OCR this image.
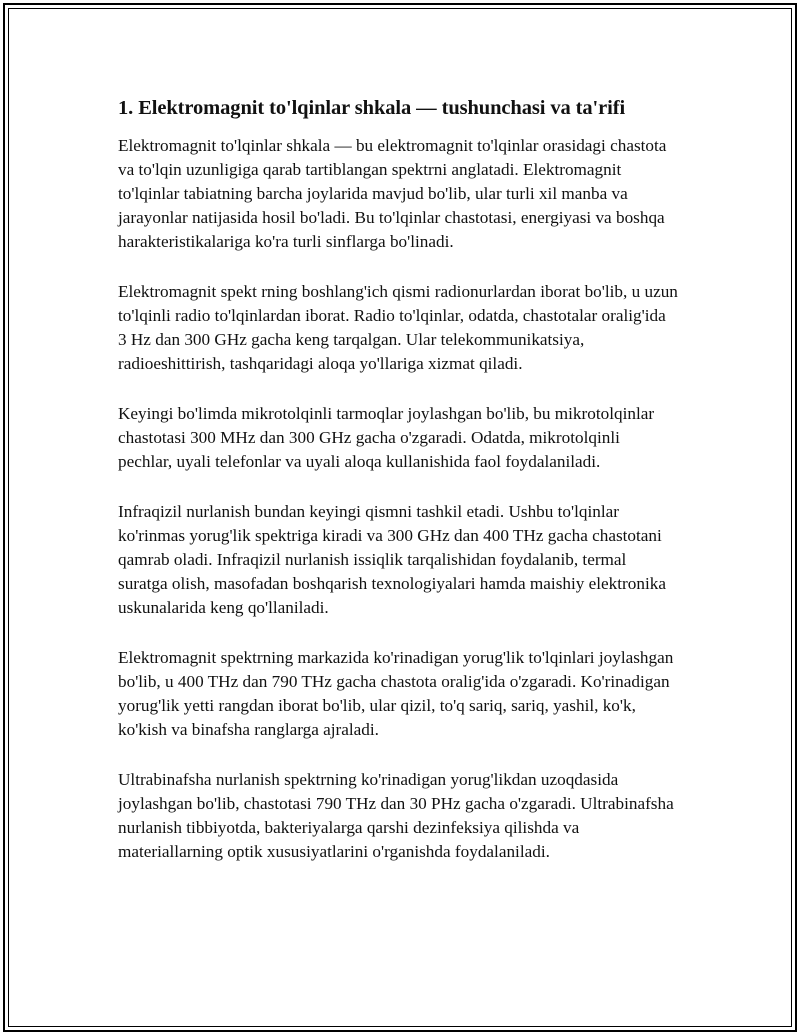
1. Elektromagnit to'lqinlar shkala — tushunchasi va ta'rifi

Elektromagnit to'lqinlar shkala — bu elektromagnit to'lqinlar orasidagi chastota va to'lqin uzunligiga qarab tartiblangan spektrni anglatadi. Elektromagnit to'lqinlar tabiatning barcha joylarida mavjud bo'lib, ular turli xil manba va jarayonlar natijasida hosil bo'ladi. Bu to'lqinlar chastotasi, energiyasi va boshqa harakteristikalariga ko'ra turli sinflarga bo'linadi.

Elektromagnit spekt rning boshlang'ich qismi radionurlardan iborat bo'lib, u uzun to'lqinli radio to'lqinlardan iborat. Radio to'lqinlar, odatda, chastotalar oralig'ida 3 Hz dan 300 GHz gacha keng tarqalgan. Ular telekommunikatsiya, radioeshittirish, tashqaridagi aloqa yo'llariga xizmat qiladi.

Keyingi bo'limda mikrotolqinli tarmoqlar joylashgan bo'lib, bu mikrotolqinlar chastotasi 300 MHz dan 300 GHz gacha o'zgaradi. Odatda, mikrotolqinli pechlar, uyali telefonlar va uyali aloqa kullanishida faol foydalaniladi.

Infraqizil nurlanish bundan keyingi qismni tashkil etadi. Ushbu to'lqinlar ko'rinmas yorug'lik spektriga kiradi va 300 GHz dan 400 THz gacha chastotani qamrab oladi. Infraqizil nurlanish issiqlik tarqalishidan foydalanib, termal suratga olish, masofadan boshqarish texnologiyalari hamda maishiy elektronika uskunalarida keng qo'llaniladi.

Elektromagnit spektrning markazida ko'rinadigan yorug'lik to'lqinlari joylashgan bo'lib, u 400 THz dan 790 THz gacha chastota oralig'ida o'zgaradi. Ko'rinadigan yorug'lik yetti rangdan iborat bo'lib, ular qizil, to'q sariq, sariq, yashil, ko'k, ko'kish va binafsha ranglarga ajraladi.

Ultrabinafsha nurlanish spektrning ko'rinadigan yorug'likdan uzoqdasida joylashgan bo'lib, chastotasi 790 THz dan 30 PHz gacha o'zgaradi. Ultrabinafsha nurlanish tibbiyotda, bakteriyalarga qarshi dezinfeksiya qilishda va materiallarning optik xususiyatlarini o'rganishda foydalaniladi.
